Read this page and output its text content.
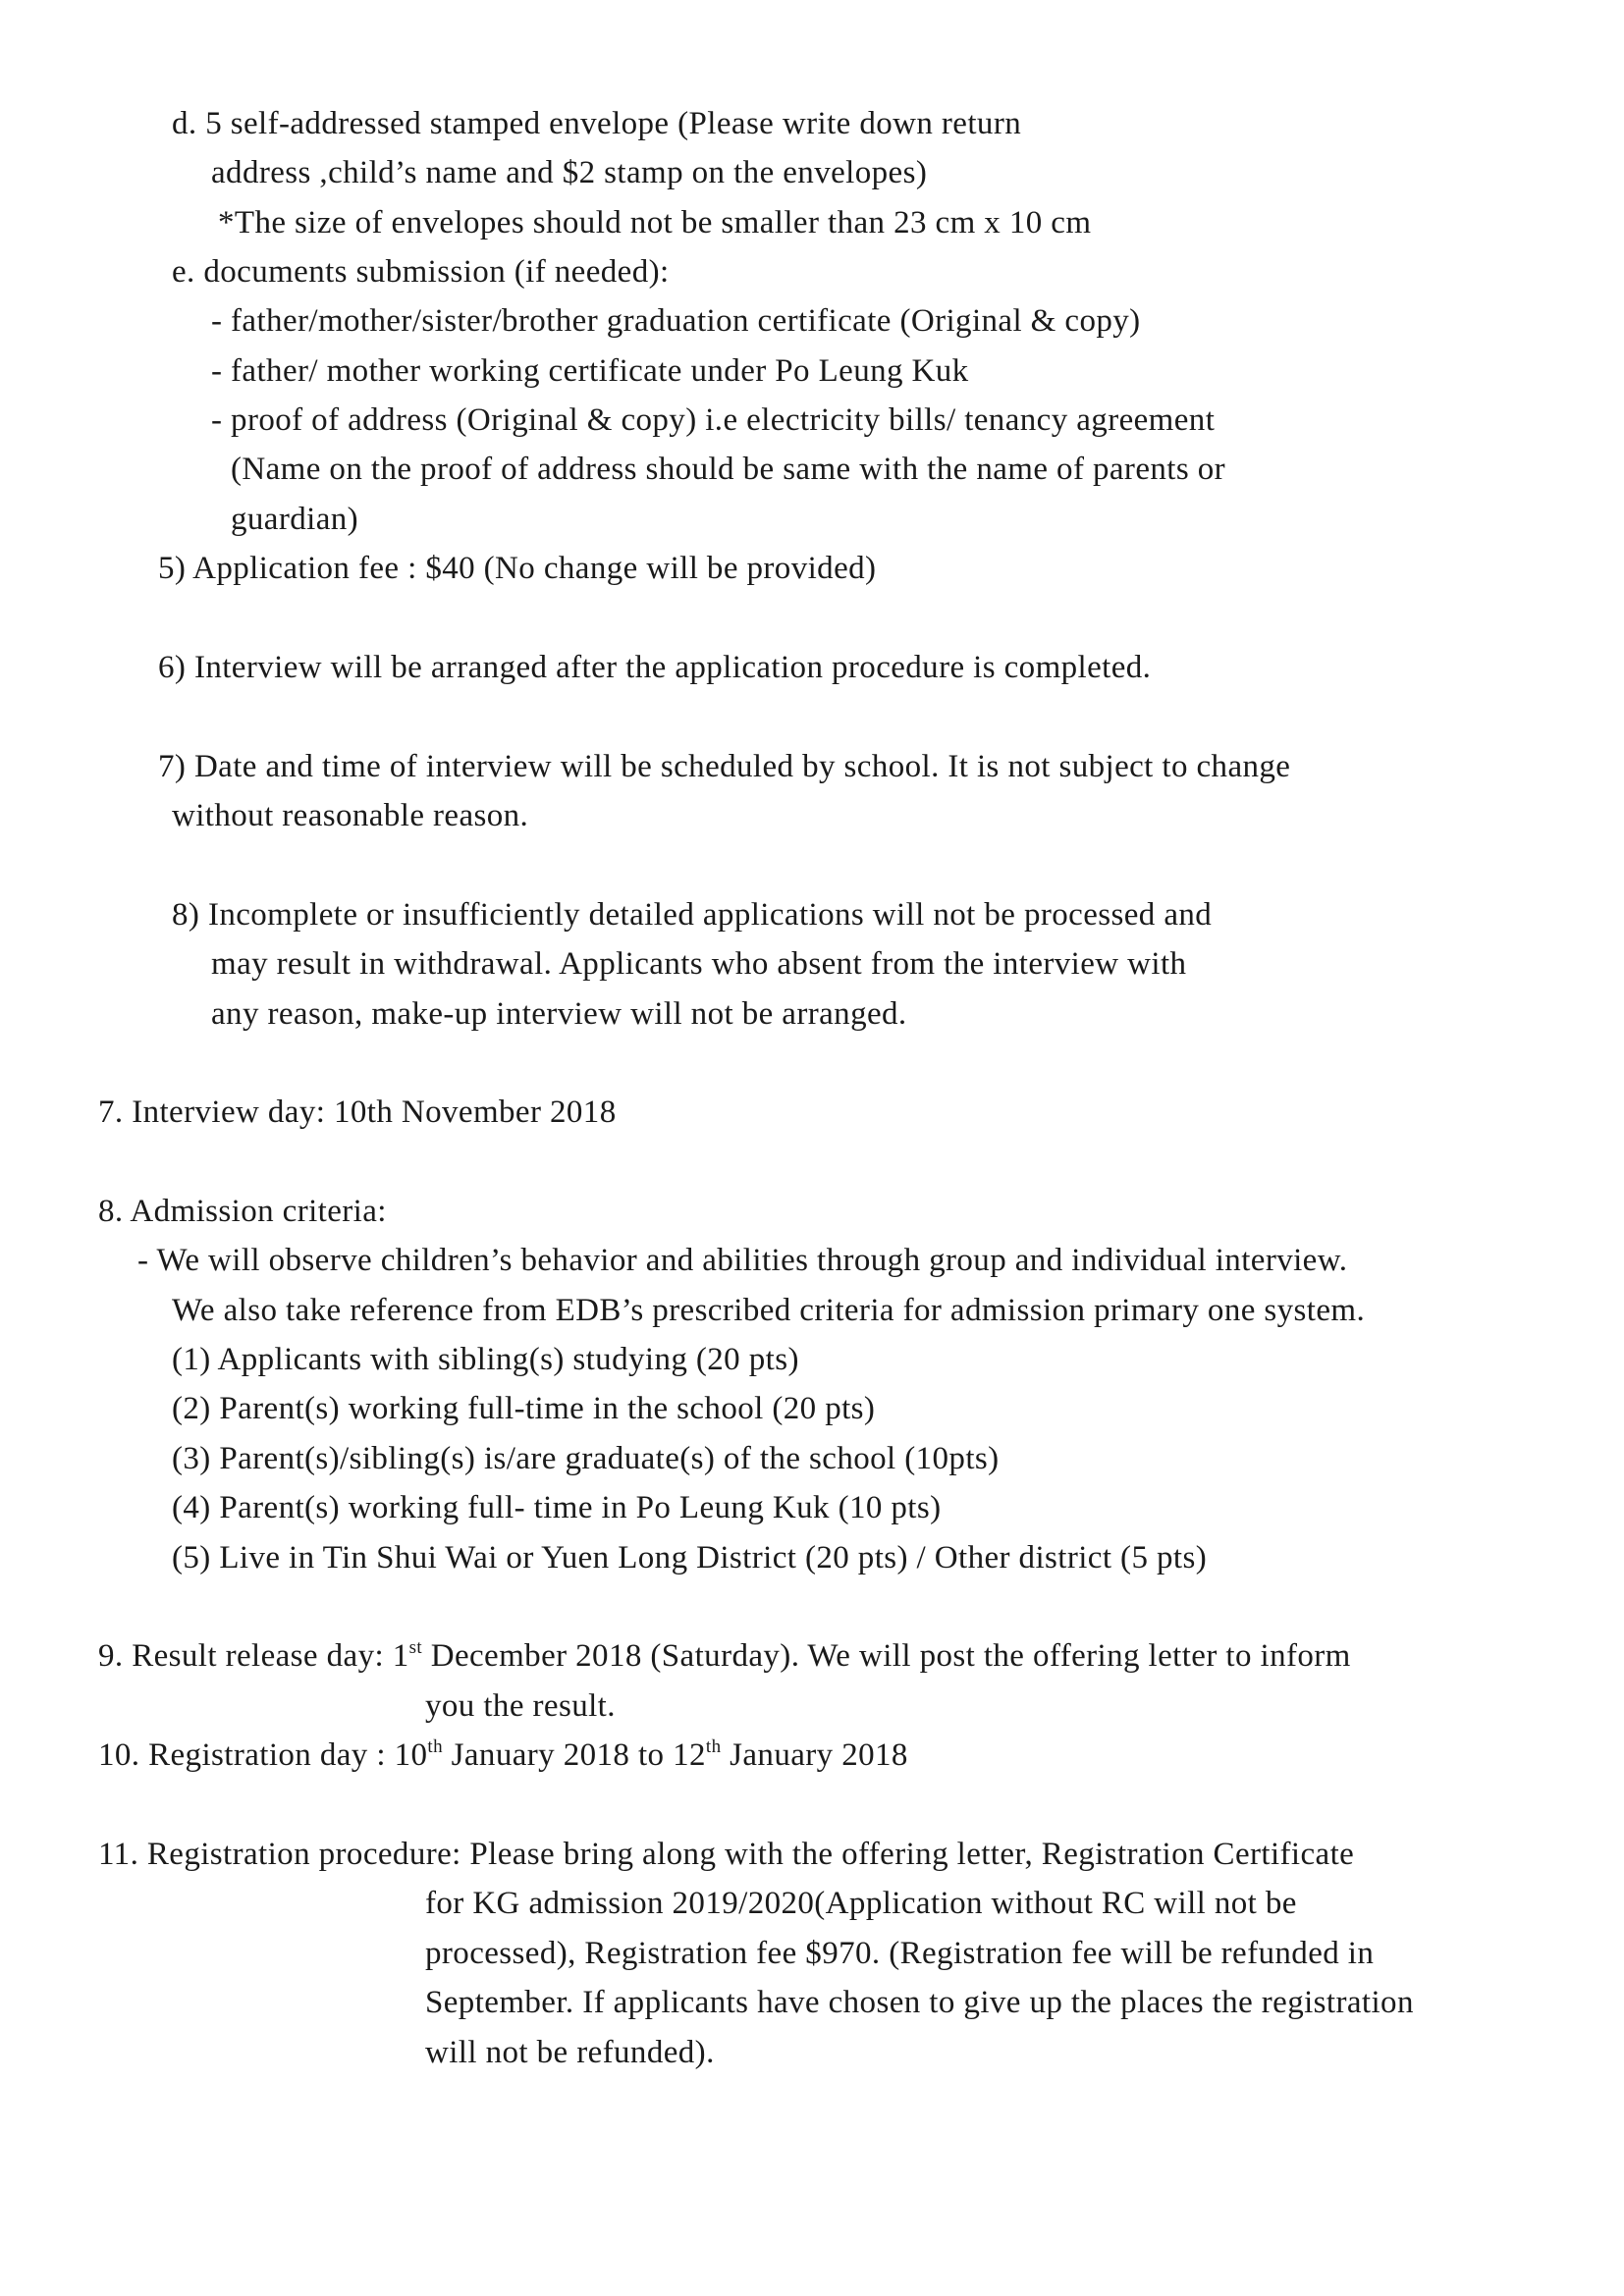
d. 5 self-addressed stamped envelope (Please write down return
address ,child’s name and $2 stamp on the envelopes)
*The size of envelopes should not be smaller than 23 cm x 10 cm
e. documents submission (if needed):
- father/mother/sister/brother graduation certificate (Original & copy)
- father/ mother working certificate under Po Leung Kuk
- proof of address (Original & copy) i.e electricity bills/ tenancy agreement
(Name on the proof of address should be same with the name of parents or
guardian)
5) Application fee : $40 (No change will be provided)
6) Interview will be arranged after the application procedure is completed.
7) Date and time of interview will be scheduled by school. It is not subject to change
without reasonable reason.
8) Incomplete or insufficiently detailed applications will not be processed and
may result in withdrawal. Applicants who absent from the interview with
any reason, make-up interview will not be arranged.
7. Interview day: 10th November 2018
8. Admission criteria:
- We will observe children’s behavior and abilities through group and individual interview.
We also take reference from EDB’s prescribed criteria for admission primary one system.
(1) Applicants with sibling(s) studying (20 pts)
(2) Parent(s) working full-time in the school (20 pts)
(3) Parent(s)/sibling(s) is/are graduate(s) of the school (10pts)
(4) Parent(s) working full- time in Po Leung Kuk (10 pts)
(5) Live in Tin Shui Wai or Yuen Long District (20 pts) / Other district (5 pts)
9. Result release day: 1st December 2018 (Saturday). We will post the offering letter to inform
you the result.
10. Registration day : 10th January 2018 to 12th January 2018
11. Registration procedure: Please bring along with the offering letter, Registration Certificate
for KG admission 2019/2020(Application without RC will not be
processed), Registration fee $970. (Registration fee will be refunded in
September. If applicants have chosen to give up the places the registration
will not be refunded).
